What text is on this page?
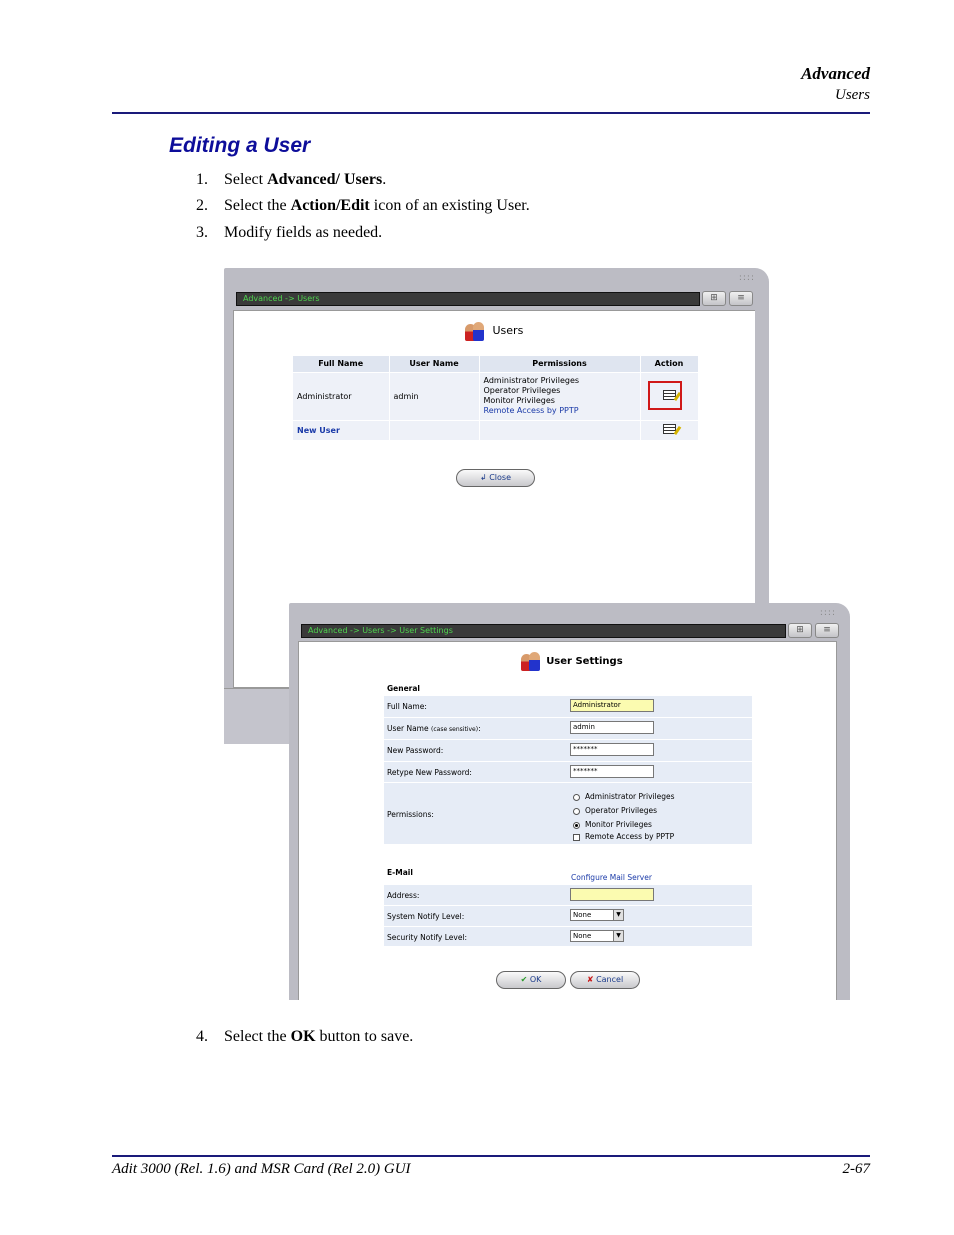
Advanced
Users
Editing a User
1. Select Advanced/ Users.
2. Select the Action/Edit icon of an existing User.
3. Modify fields as needed.
::::
Advanced -> Users	⊞	≡
Users
Full Name	User Name	Permissions	Action
Administrator	admin	Administrator Privileges
Operator Privileges
Monitor Privileges
Remote Access by PPTP	

New User			
↲ Close
::::
Advanced -> Users -> User Settings	⊞	≡
User Settings
General
Full Name:	Administrator
User Name (case sensitive):	admin
New Password:	*******
Retype New Password:	*******
Permissions:
Administrator Privileges
Operator Privileges
Monitor Privileges
Remote Access by PPTP
E-Mail
Configure Mail Server
Address:
System Notify Level:	None	▼
Security Notify Level:	None	▼
✔ OK	✘ Cancel
4. Select the OK button to save.
Adit 3000 (Rel. 1.6) and MSR Card (Rel 2.0) GUI	2-67
